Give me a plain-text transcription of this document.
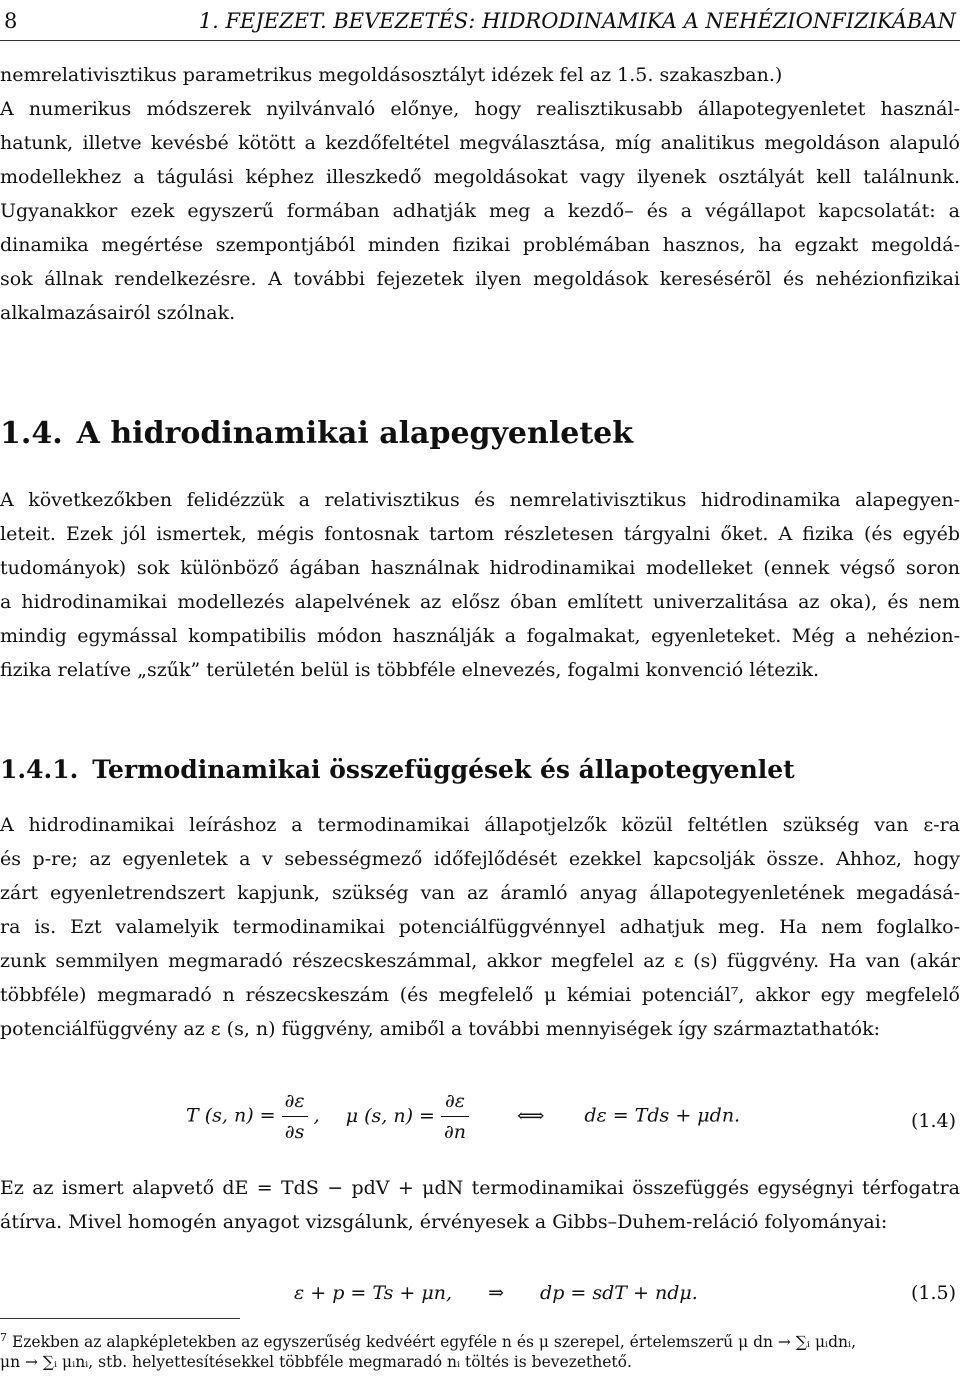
8	1. FEJEZET. BEVEZETÉS: HIDRODINAMIKA A NEHÉZIONFIZIKÁBAN
nemrelativisztikus parametrikus megoldásosztályt idézek fel az 1.5. szakaszban.)
A numerikus módszerek nyilvánvaló előnye, hogy realisztikusabb állapotegyenletet használ-
hatunk, illetve kevésbé kötött a kezdőfeltétel megválasztása, míg analitikus megoldáson alapuló
modellekhez a tágulási képhez illeszkedő megoldásokat vagy ilyenek osztályát kell találnunk.
Ugyanakkor ezek egyszerű formában adhatják meg a kezdő– és a végállapot kapcsolatát: a
dinamika megértése szempontjából minden fizikai problémában hasznos, ha egzakt megoldá-
sok állnak rendelkezésre. A további fejezetek ilyen megoldások keresésérõl és nehézionfizikai
alkalmazásairól szólnak.
1.4. A hidrodinamikai alapegyenletek
A következőkben felidézzük a relativisztikus és nemrelativisztikus hidrodinamika alapegyen-
leteit. Ezek jól ismertek, mégis fontosnak tartom részletesen tárgyalni őket. A fizika (és egyéb
tudományok) sok különböző ágában használnak hidrodinamikai modelleket (ennek végső soron
a hidrodinamikai modellezés alapelvének az elősz óban említett univerzalitása az oka), és nem
mindig egymással kompatibilis módon használják a fogalmakat, egyenleteket. Még a nehézion-
fizika relatíve „szűk” területén belül is többféle elnevezés, fogalmi konvenció létezik.
1.4.1. Termodinamikai összefüggések és állapotegyenlet
A hidrodinamikai leíráshoz a termodinamikai állapotjelzők közül feltétlen szükség van ε-ra
és p-re; az egyenletek a v sebességmező időfejlődését ezekkel kapcsolják össze. Ahhoz, hogy
zárt egyenletrendszert kapjunk, szükség van az áramló anyag állapotegyenletének megadásá-
ra is. Ezt valamelyik termodinamikai potenciálfüggvénnyel adhatjuk meg. Ha nem foglalko-
zunk semmilyen megmaradó részecskeszámmal, akkor megfelel az ε (s) függvény. Ha van (akár
többféle) megmaradó n részecskeszám (és megfelelő μ kémiai potenciál⁷, akkor egy megfelelő
potenciálfüggvény az ε (s, n) függvény, amiből a további mennyiségek így származtathatók:
T (s, $n) = \frac{\partial\varepsilon}{\partial s}$ , μ (s, $n) = \frac{\partial\varepsilon}{\partial n}$	⟺ dε = Tds + μdn.	(1.4)
Ez az ismert alapvető dE = TdS − pdV + μdN termodinamikai összefüggés egységnyi térfogatra
átírva. Mivel homogén anyagot vizsgálunk, érvényesek a Gibbs–Duhem-reláció folyományai:
ε + p = Ts + μn, ⇒ dp = sdT + ndμ.	(1.5)
$^7$ Ezekben az alapképletekben az egyszerűség kedvéért egyféle n és μ szerepel, értelemszerű μ dn → ∑ᵢ μᵢdnᵢ,
μn → ∑ᵢ μᵢnᵢ, stb. helyettesítésekkel többféle megmaradó nᵢ töltés is bevezethető.
